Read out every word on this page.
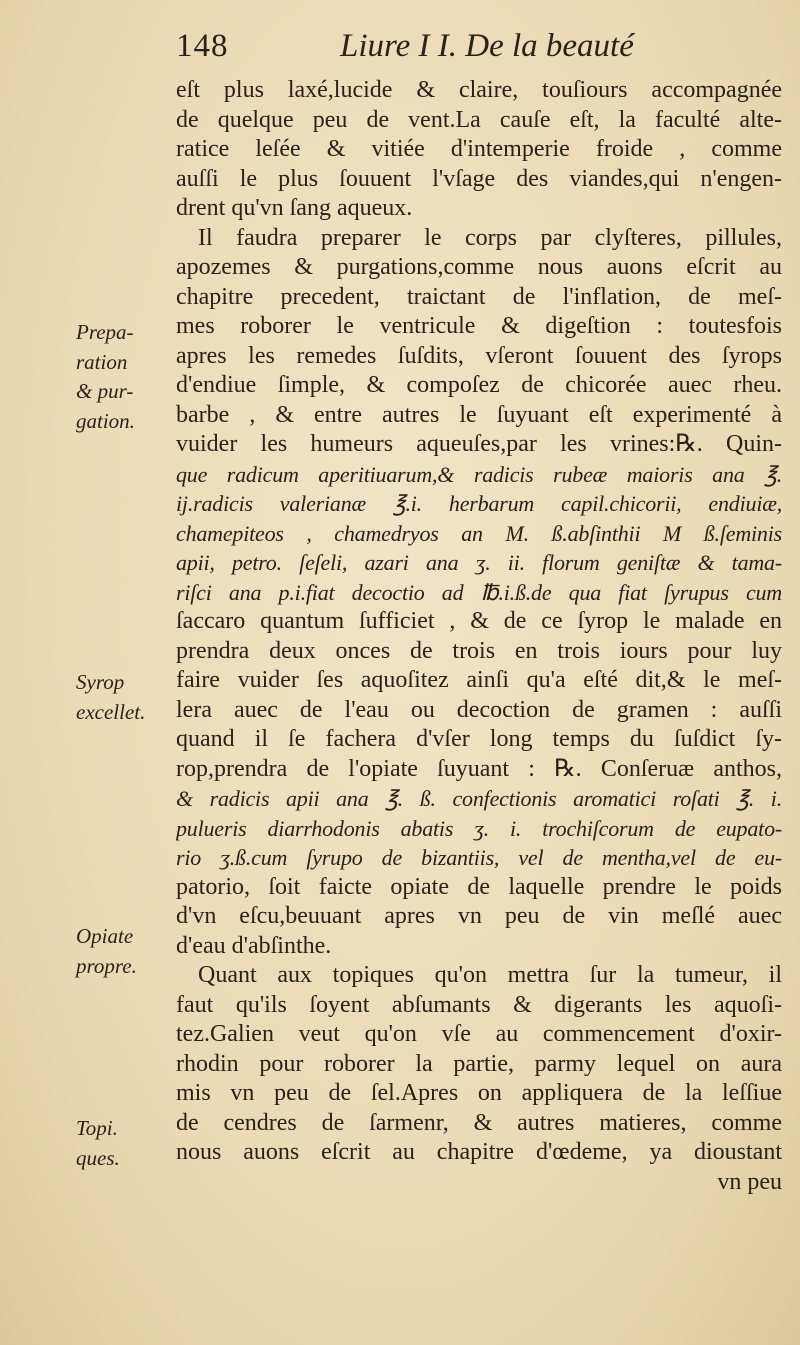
148	Liure I I. De la beauté
Prepa-
ration
& pur-
gation.
Syrop
excellet.
Opiate
propre.
Topi.
ques.
eſt plus laxé,lucide & claire, touſiours accompagnée
de quelque peu de vent.La cauſe eſt, la faculté alte-
ratice leſée & vitiée d'intemperie froide , comme
auſſi le plus ſouuent l'vſage des viandes,qui n'engen-
drent qu'vn ſang aqueux.
Il faudra preparer le corps par clyſteres, pillules,
apozemes & purgations,comme nous auons eſcrit au
chapitre precedent, traictant de l'inflation, de meſ-
mes roborer le ventricule & digeſtion : toutesfois
apres les remedes ſuſdits, vſeront ſouuent des ſyrops
d'endiue ſimple, & compoſez de chicorée auec rheu.
barbe , & entre autres le ſuyuant eſt experimenté à
vuider les humeurs aqueuſes,par les vrines:℞. Quin-
que radicum aperitiuarum,& radicis rubeæ maioris ana ℥.
ij.radicis valerianæ ℥.i. herbarum capil.chicorii, endiuiæ,
chamepiteos , chamedryos an M. ß.abſinthii M ß.ſeminis
apii, petro. ſeſeli, azari ana ʒ. ii. florum geniſtæ & tama-
riſci ana p.i.fiat decoctio ad ℔.i.ß.de qua fiat ſyrupus cum
ſaccaro quantum ſufficiet , & de ce ſyrop le malade en
prendra deux onces de trois en trois iours pour luy
faire vuider ſes aquoſitez ainſi qu'a eſté dit,& le meſ-
lera auec de l'eau ou decoction de gramen : auſſi
quand il ſe fachera d'vſer long temps du ſuſdict ſy-
rop,prendra de l'opiate ſuyuant : ℞. Conſeruæ anthos,
& radicis apii ana ℥. ß. confectionis aromatici roſati ℥. i.
pulueris diarrhodonis abatis ʒ. i. trochiſcorum de eupato-
rio ʒ.ß.cum ſyrupo de bizantiis, vel de mentha,vel de eu-
patorio, ſoit faicte opiate de laquelle prendre le poids
d'vn eſcu,beuuant apres vn peu de vin meſlé auec
d'eau d'abſinthe.
Quant aux topiques qu'on mettra ſur la tumeur, il
faut qu'ils ſoyent abſumants & digerants les aquoſi-
tez.Galien veut qu'on vſe au commencement d'oxir-
rhodin pour roborer la partie, parmy lequel on aura
mis vn peu de ſel.Apres on appliquera de la leſſiue
de cendres de ſarmenr, & autres matieres, comme
nous auons eſcrit au chapitre d'œdeme, ya dioustant
vn peu
